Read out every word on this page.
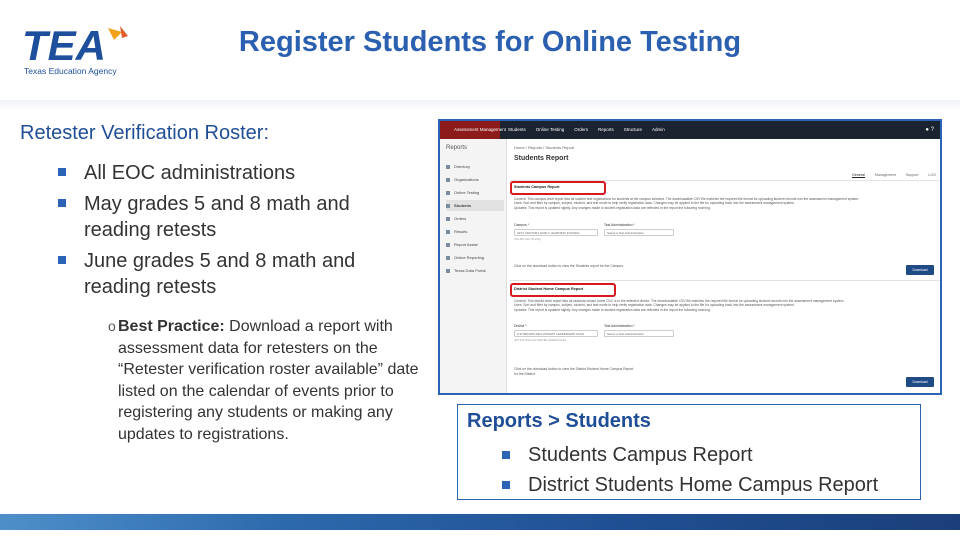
TEA
Texas Education Agency
Register Students for Online Testing
Retester Verification Roster:
All EOC administrations
May grades 5 and 8 math and reading retests
June grades 5 and 8 math and reading retests
o Best Practice: Download a report with assessment data for retesters on the “Retester verification roster available” date listed on the calendar of events prior to registering any students or making any updates to registrations.
Assessment Management Students Online Testing Orders Reports Structure Admin	● ?
Reports
Directory
Organizations
Online Testing
Students
Orders
Results
Report Assist
Online Reporting
Texas Data Portal
Home / Reports / Students Report
Students Report
General	Management	Support	LOG
Students Campus Report
Content: This campus-level report lists all student test registrations for students at the campus selected. The downloadable CSV file matches the required file format for uploading student records into the assessment management system.
Uses: Sort and filter by campus, subject, student, and test mode to help verify registration data. Changes may be applied to the file for uploading back into the assessment management system.
Updates: This report is updated nightly. Any changes made to student registration data are reflected in the report the following morning.
Campus *
21ST CENTURY EARLY LEARNING FOUNDA
(101-867-001 (IN-143))
Test Administration *
Select a Test Administration
Click on the download button to view the Students report for the Campus.
Download
District Student Home Campus Report
Content: This district-level report lists all students whose home CDC is in the selected district. The downloadable CSV file matches the required file format for uploading student records into the assessment management system.
Uses: Sort and filter by campus, subject, student, and test mode to help verify registration data. Changes may be applied to the file for uploading back into the assessment management system.
Updates: This report is updated nightly. Any changes made to student registration data are reflected in the report the following morning.
District *
A W BROWN-FELLOWSHIP LEADERSHIP ACAD
(057-816 (DALLAS CENTER-GREENVILLE))
Test Administration *
Select a Test Administration
Click on the download button to view the District Student Home Campus Report for the District.
Download
Reports > Students
Students Campus Report
District Students Home Campus Report
